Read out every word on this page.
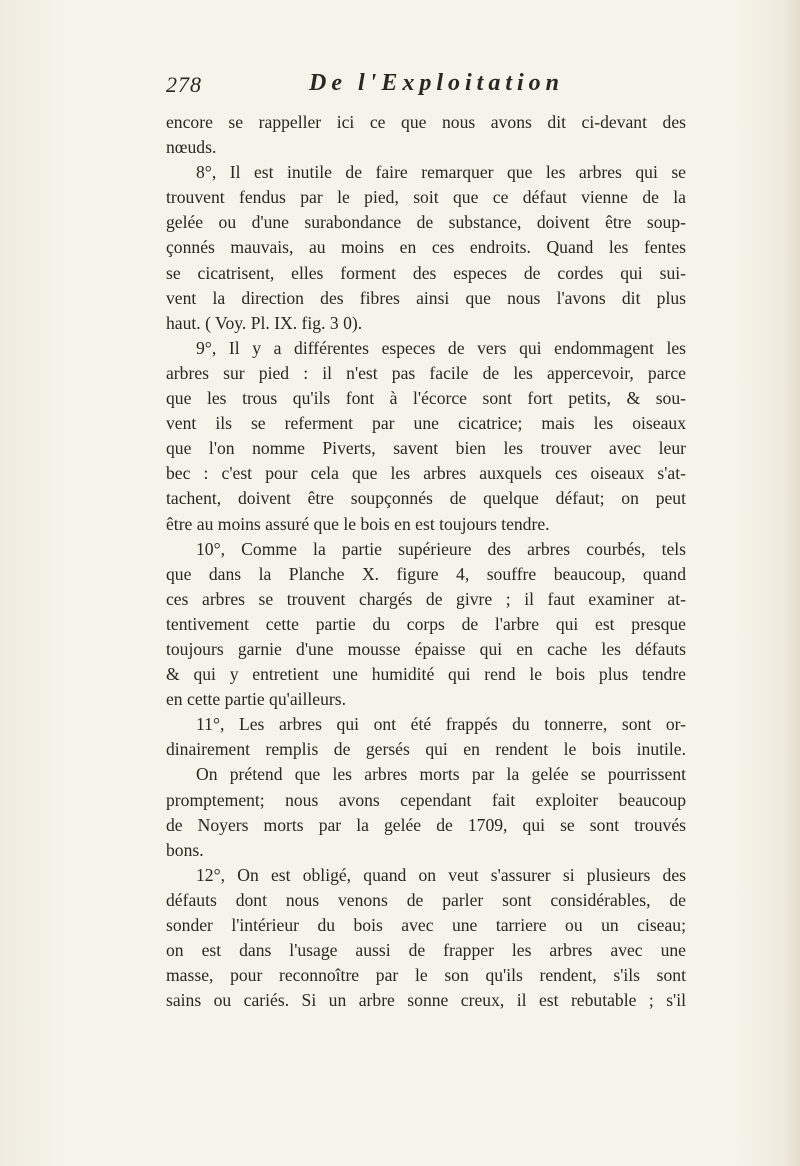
278	De l'Exploitation
encore se rappeller ici ce que nous avons dit ci-devant des
nœuds.
8°, Il est inutile de faire remarquer que les arbres qui se
trouvent fendus par le pied, soit que ce défaut vienne de la
gelée ou d'une surabondance de substance, doivent être soup-
çonnés mauvais, au moins en ces endroits. Quand les fentes
se cicatrisent, elles forment des especes de cordes qui sui-
vent la direction des fibres ainsi que nous l'avons dit plus
haut. ( Voy. Pl. IX. fig. 3 0).
9°, Il y a différentes especes de vers qui endommagent les
arbres sur pied : il n'est pas facile de les appercevoir, parce
que les trous qu'ils font à l'écorce sont fort petits, & sou-
vent ils se referment par une cicatrice; mais les oiseaux
que l'on nomme Piverts, savent bien les trouver avec leur
bec : c'est pour cela que les arbres auxquels ces oiseaux s'at-
tachent, doivent être soupçonnés de quelque défaut; on peut
être au moins assuré que le bois en est toujours tendre.
10°, Comme la partie supérieure des arbres courbés, tels
que dans la Planche X. figure 4, souffre beaucoup, quand
ces arbres se trouvent chargés de givre ; il faut examiner at-
tentivement cette partie du corps de l'arbre qui est presque
toujours garnie d'une mousse épaisse qui en cache les défauts
& qui y entretient une humidité qui rend le bois plus tendre
en cette partie qu'ailleurs.
11°, Les arbres qui ont été frappés du tonnerre, sont or-
dinairement remplis de gersés qui en rendent le bois inutile.
On prétend que les arbres morts par la gelée se pourrissent
promptement; nous avons cependant fait exploiter beaucoup
de Noyers morts par la gelée de 1709, qui se sont trouvés
bons.
12°, On est obligé, quand on veut s'assurer si plusieurs des
défauts dont nous venons de parler sont considérables, de
sonder l'intérieur du bois avec une tarriere ou un ciseau;
on est dans l'usage aussi de frapper les arbres avec une
masse, pour reconnoître par le son qu'ils rendent, s'ils sont
sains ou cariés. Si un arbre sonne creux, il est rebutable ; s'il
